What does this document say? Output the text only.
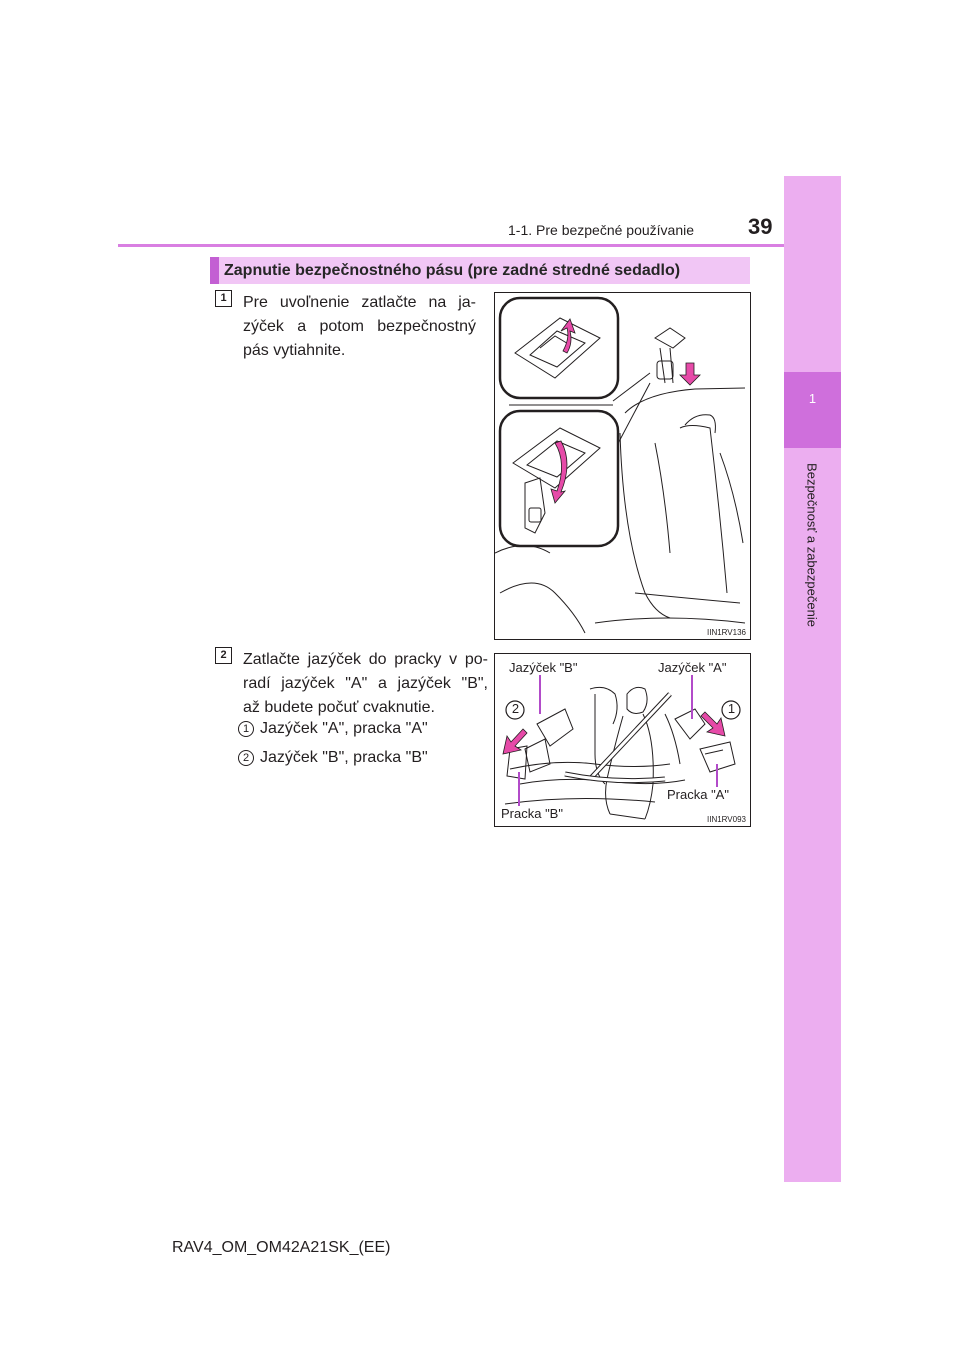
1
Bezpečnosť a zabezpečenie
1-1. Pre bezpečné používanie 39
Zapnutie bezpečnostného pásu (pre zadné stredné sedadlo)
1	Pre uvoľnenie zatlačte na ja-
zýček a potom bezpečnostný
pás vytiahnite.
2	Zatlačte jazýček do pracky v po-
radí jazýček "A" a jazýček "B",
až budete počuť cvaknutie.
1 Jazýček "A", pracka "A"
2 Jazýček "B", pracka "B"
IIN1RV136
2	1
Jazýček "B"	Jazýček "A"
Pracka "B"
Pracka "A"
IIN1RV093
RAV4_OM_OM42A21SK_(EE)
